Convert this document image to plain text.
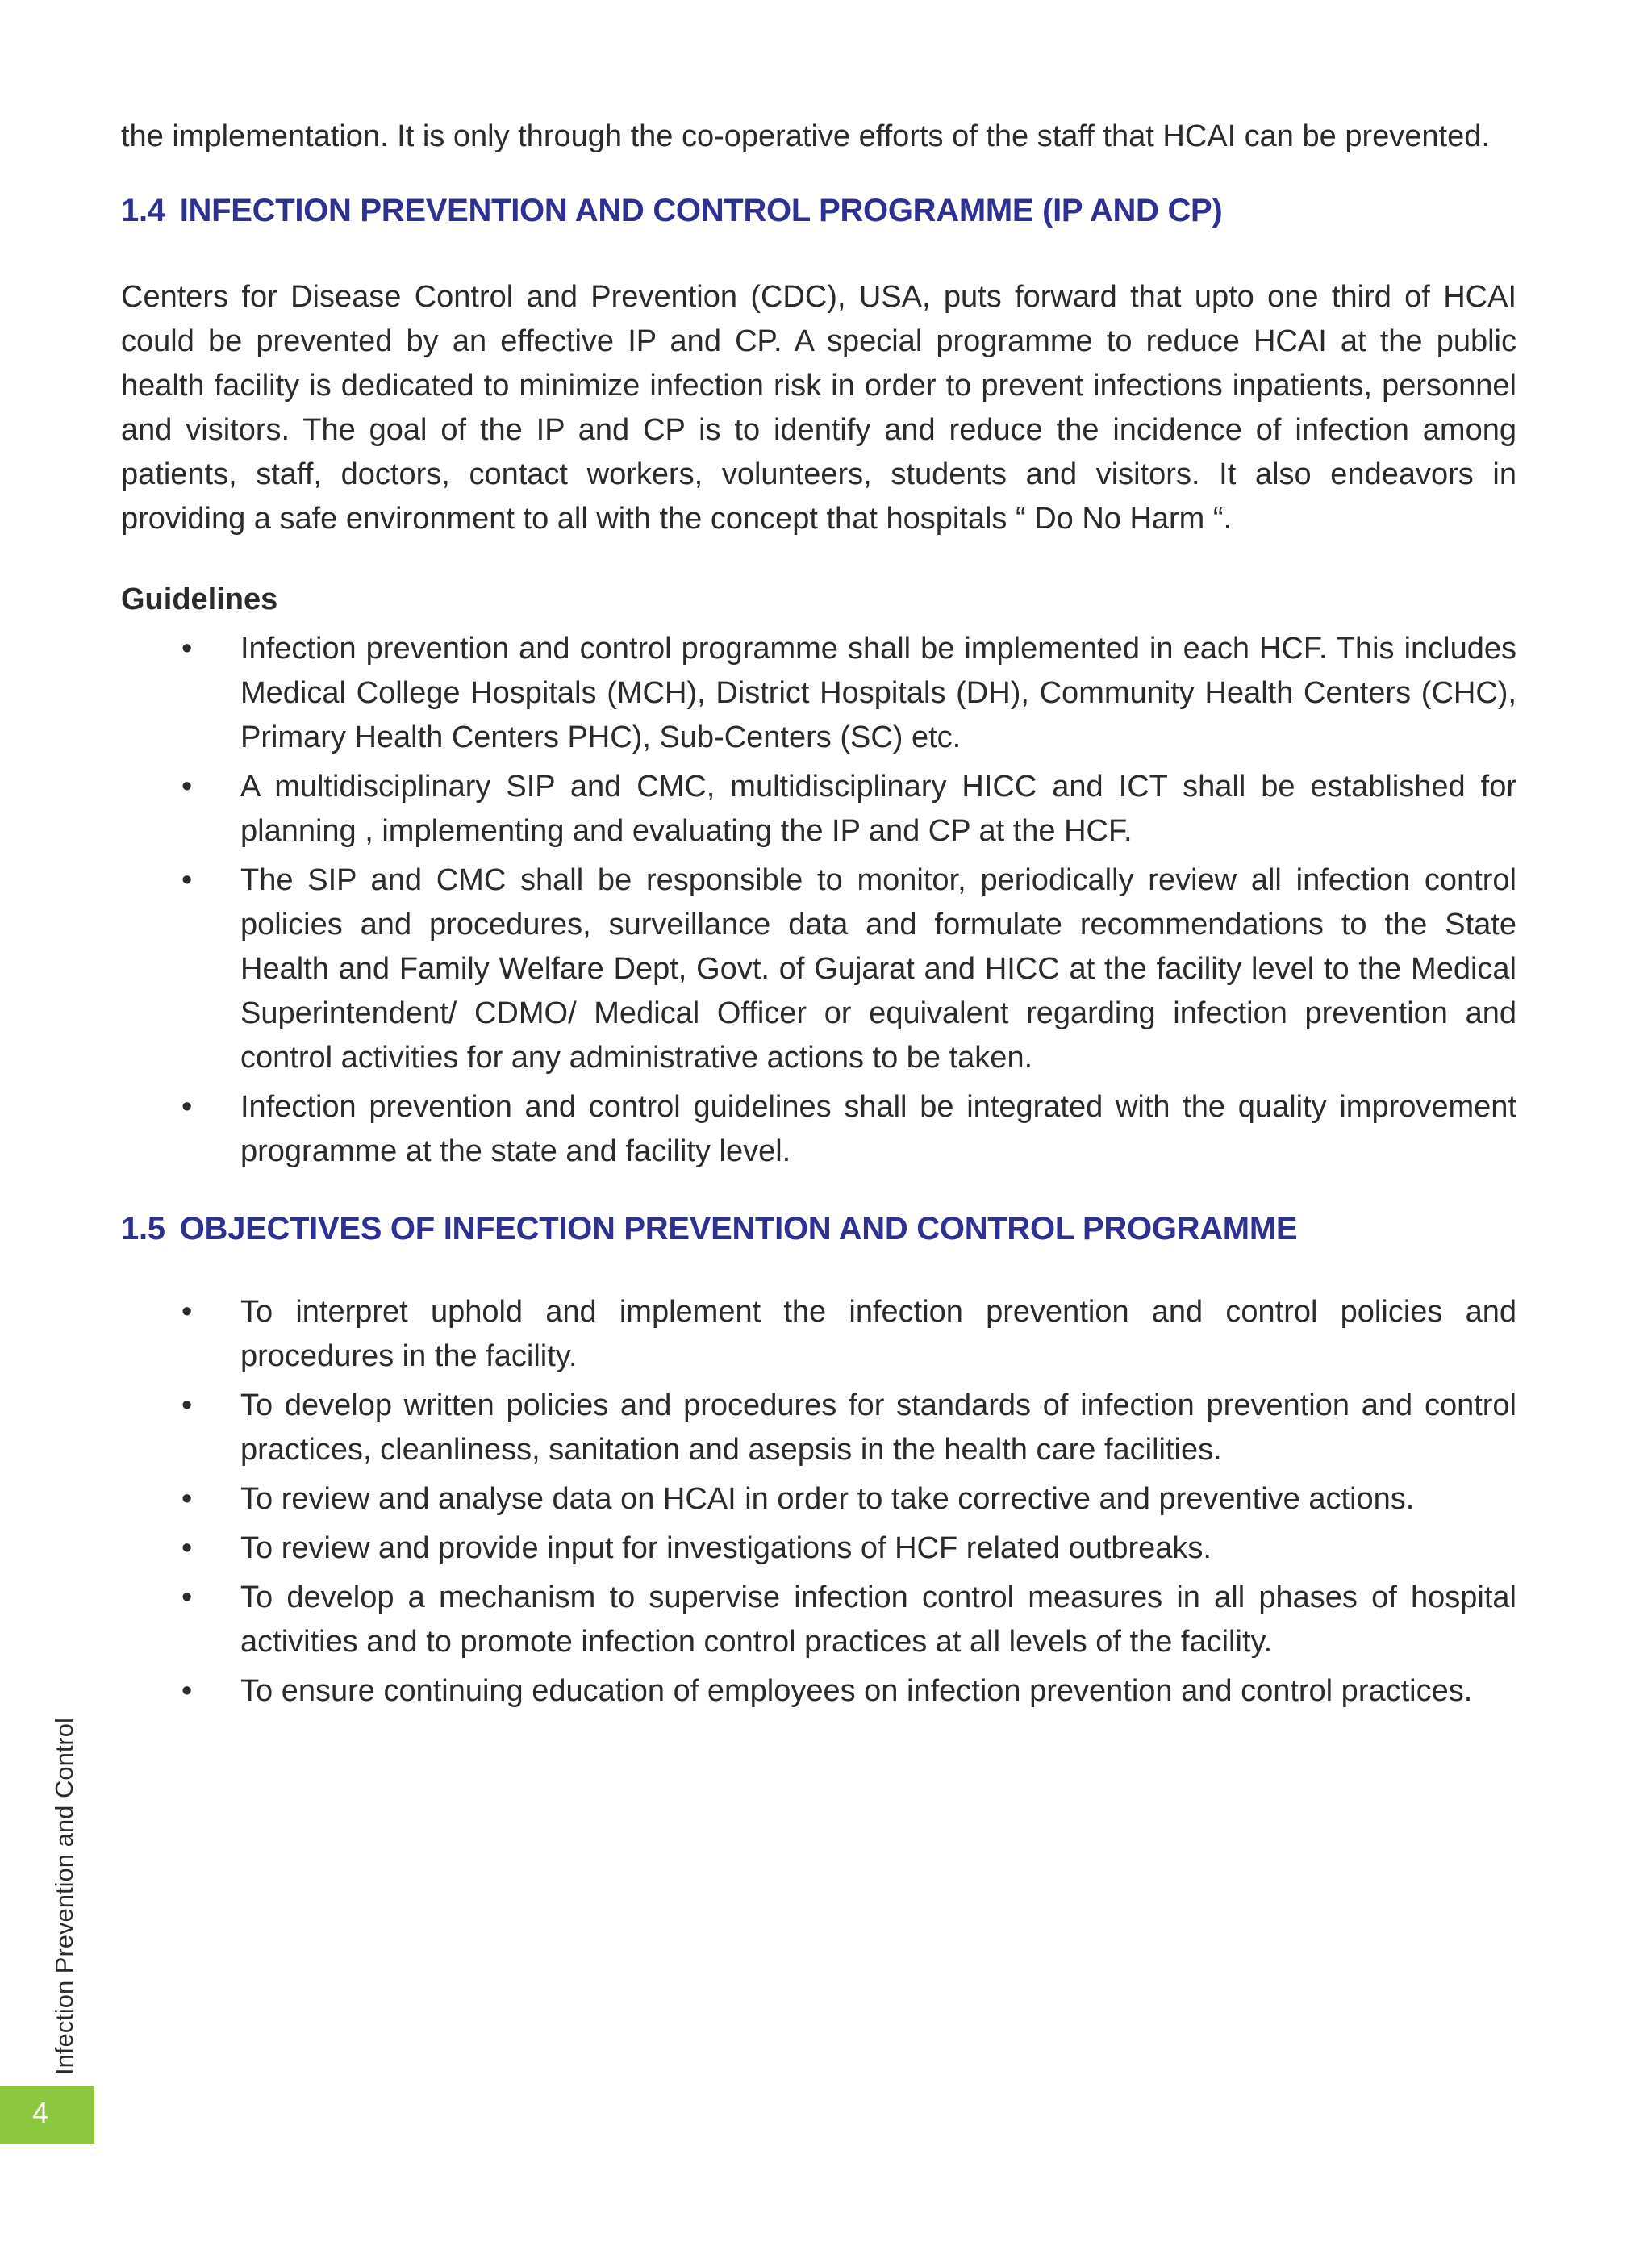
the implementation. It is only through the co-operative efforts of the staff that HCAI can be prevented.

1.4 INFECTION PREVENTION AND CONTROL PROGRAMME (IP AND CP)

Centers for Disease Control and Prevention (CDC), USA, puts forward that upto one third of HCAI could be prevented by an effective IP and CP. A special programme to reduce HCAI at the public health facility is dedicated to minimize infection risk in order to prevent infections inpatients, personnel and visitors. The goal of the IP and CP is to identify and reduce the incidence of infection among patients, staff, doctors, contact workers, volunteers, students and visitors. It also endeavors in providing a safe environment to all with the concept that hospitals “ Do No Harm “.

Guidelines
• Infection prevention and control programme shall be implemented in each HCF. This includes Medical College Hospitals (MCH), District Hospitals (DH), Community Health Centers (CHC), Primary Health Centers PHC), Sub-Centers (SC) etc.
• A multidisciplinary SIP and CMC, multidisciplinary HICC and ICT shall be established for planning , implementing and evaluating the IP and CP at the HCF.
• The SIP and CMC shall be responsible to monitor, periodically review all infection control policies and procedures, surveillance data and formulate recommendations to the State Health and Family Welfare Dept, Govt. of Gujarat and HICC at the facility level to the Medical Superintendent/ CDMO/ Medical Officer or equivalent regarding infection prevention and control activities for any administrative actions to be taken.
• Infection prevention and control guidelines shall be integrated with the quality improvement programme at the state and facility level.
1.5 OBJECTIVES OF INFECTION PREVENTION AND CONTROL PROGRAMME
• To interpret uphold and implement the infection prevention and control policies and procedures in the facility.
• To develop written policies and procedures for standards of infection prevention and control practices, cleanliness, sanitation and asepsis in the health care facilities.
• To review and analyse data on HCAI in order to take corrective and preventive actions.
• To review and provide input for investigations of HCF related outbreaks.
• To develop a mechanism to supervise infection control measures in all phases of hospital activities and to promote infection control practices at all levels of the facility.
• To ensure continuing education of employees on infection prevention and control practices.
Infection Prevention and Control
4
